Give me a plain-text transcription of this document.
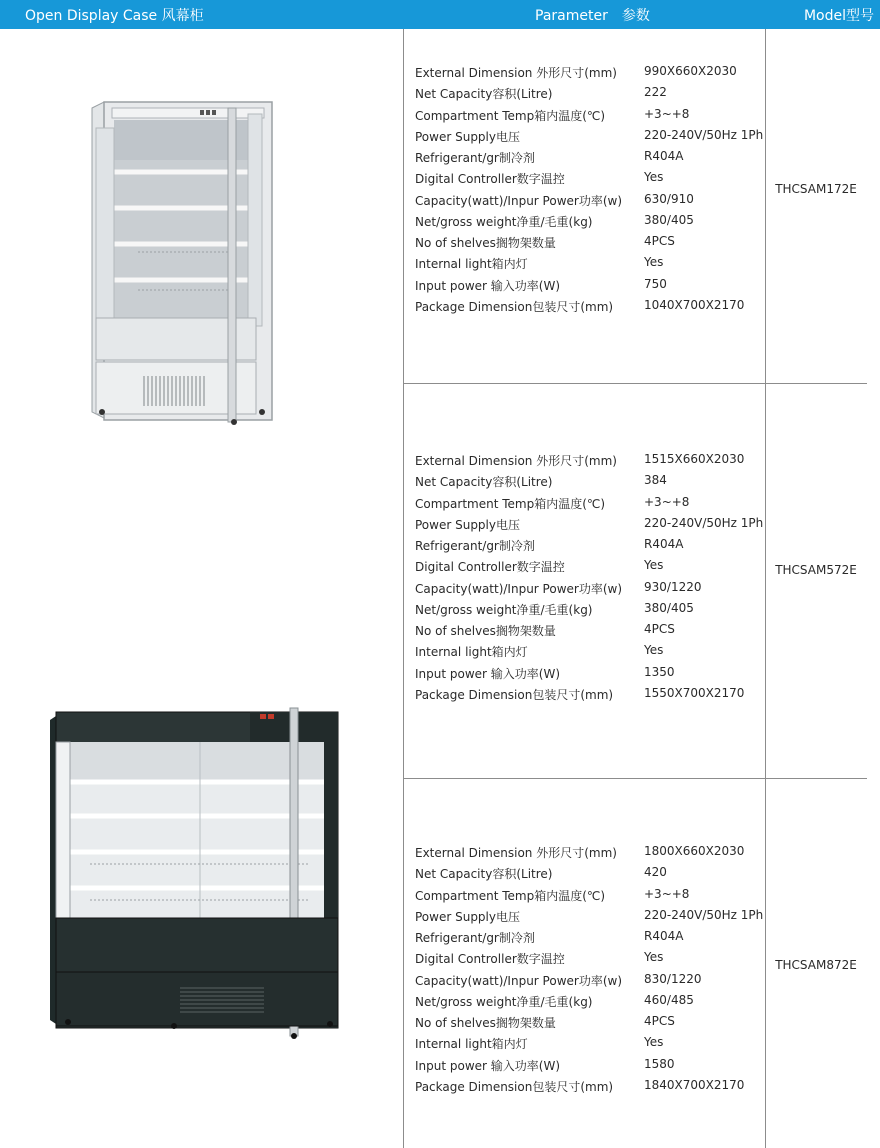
Open Display Case 风幕柜	Parameter　参数	Model型号
External Dimension 外形尺寸(mm) 990X660X2030
Net Capacity容积(Litre)	222
Compartment Temp箱内温度(℃)	+3~+8
Power Supply电压	220-240V/50Hz 1Ph
Refrigerant/gr制冷剂	R404A
Digital Controller数字温控	Yes
Capacity(watt)/Inpur Power功率(w) 630/910
Net/gross weight净重/毛重(kg)	380/405
No of shelves搁物架数量	4PCS
Internal light箱内灯	Yes
Input power 输入功率(W)	750
Package Dimension包装尺寸(mm)	1040X700X2170
THCSAM172E
External Dimension 外形尺寸(mm) 1515X660X2030
Net Capacity容积(Litre)	384
Compartment Temp箱内温度(℃)	+3~+8
Power Supply电压	220-240V/50Hz 1Ph
Refrigerant/gr制冷剂	R404A
Digital Controller数字温控	Yes
Capacity(watt)/Inpur Power功率(w) 930/1220
Net/gross weight净重/毛重(kg)	380/405
No of shelves搁物架数量	4PCS
Internal light箱内灯	Yes
Input power 输入功率(W)	1350
Package Dimension包装尺寸(mm)	1550X700X2170
THCSAM572E
External Dimension 外形尺寸(mm) 1800X660X2030
Net Capacity容积(Litre)	420
Compartment Temp箱内温度(℃)	+3~+8
Power Supply电压	220-240V/50Hz 1Ph
Refrigerant/gr制冷剂	R404A
Digital Controller数字温控	Yes
Capacity(watt)/Inpur Power功率(w) 830/1220
Net/gross weight净重/毛重(kg)	460/485
No of shelves搁物架数量	4PCS
Internal light箱内灯	Yes
Input power 输入功率(W)	1580
Package Dimension包装尺寸(mm)	1840X700X2170
THCSAM872E
